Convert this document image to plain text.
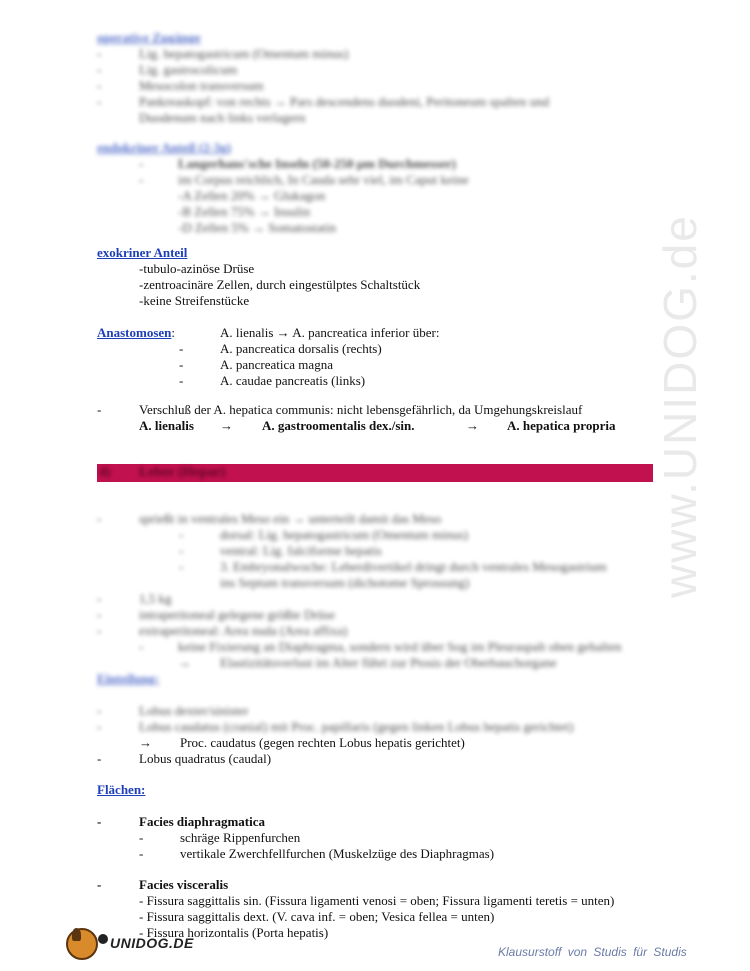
operative Zugänge
-	Lig. hepatogastricum (Omentum minus)
-	Lig. gastrocolicum
-	Mesocolon transversum
-	Pankreaskopf: von rechts → Pars descendens duodeni, Peritoneum spalten und
Duodenum nach links verlagern
endokriner Anteil (2-3g)
-	Langerhans'sche Inseln (50-250 μm Durchmesser)
-	im Corpus reichlich, In Cauda sehr viel, im Caput keine
-A Zellen 20% → Glukagon
-B Zellen 75% → Insulin
-D Zellen 5% → Somatostatin
exokriner Anteil
-tubulo-azinöse Drüse
-zentroacinäre Zellen, durch eingestülptes Schaltstück
-keine Streifenstücke
Anastomosen:	A. lienalis → A. pancreatica inferior über:
-	A. pancreatica dorsalis (rechts)
-	A. pancreatica magna
-	A. caudae pancreatis (links)
-	Verschluß der A. hepatica communis: nicht lebensgefährlich, da Umgehungskreislauf
A. lienalis → A. gastroomentalis dex./sin.	→ A. hepatica propria
4) Leber (Hepar)
-	sprießt in ventrales Meso ein → unterteilt damit das Meso
-	dorsal: Lig. hepatogastricum (Omentum minus)
-	ventral: Lig. falciforme hepatis
-	3. Embryonalwoche: Leberdivertikel dringt durch ventrales Mesogastrium
ins Septum transversum (dichotome Sprossung)
-	1,5 kg
-	intraperitoneal gelegene größte Drüse
-	extraperitoneal: Area nuda (Area affixa)
-	keine Fixierung an Diaphragma, sondern wird über Sog im Pleuraspalt oben gehalten
→ Elastizitätsverlust im Alter führt zur Ptosis der Oberbauchorgane
Einteilung:
-	Lobus dexter/sinister
-	Lobus caudatus (cranial) mit Proc. papillaris (gegen linken Lobus hepatis gerichtet)
→ Proc. caudatus (gegen rechten Lobus hepatis gerichtet)
-	Lobus quadratus (caudal)
Flächen:
-	Facies diaphragmatica
-	schräge Rippenfurchen
-	vertikale Zwerchfellfurchen (Muskelzüge des Diaphragmas)
-	Facies visceralis
- Fissura saggittalis sin. (Fissura ligamenti venosi = oben; Fissura ligamenti teretis = unten)
- Fissura saggittalis dext. (V. cava inf. = oben; Vesica fellea = unten)
- Fissura horizontalis (Porta hepatis)
www.UNIDOG.de
UNIDOG.DE
Klausurstoff von Studis für Studis
